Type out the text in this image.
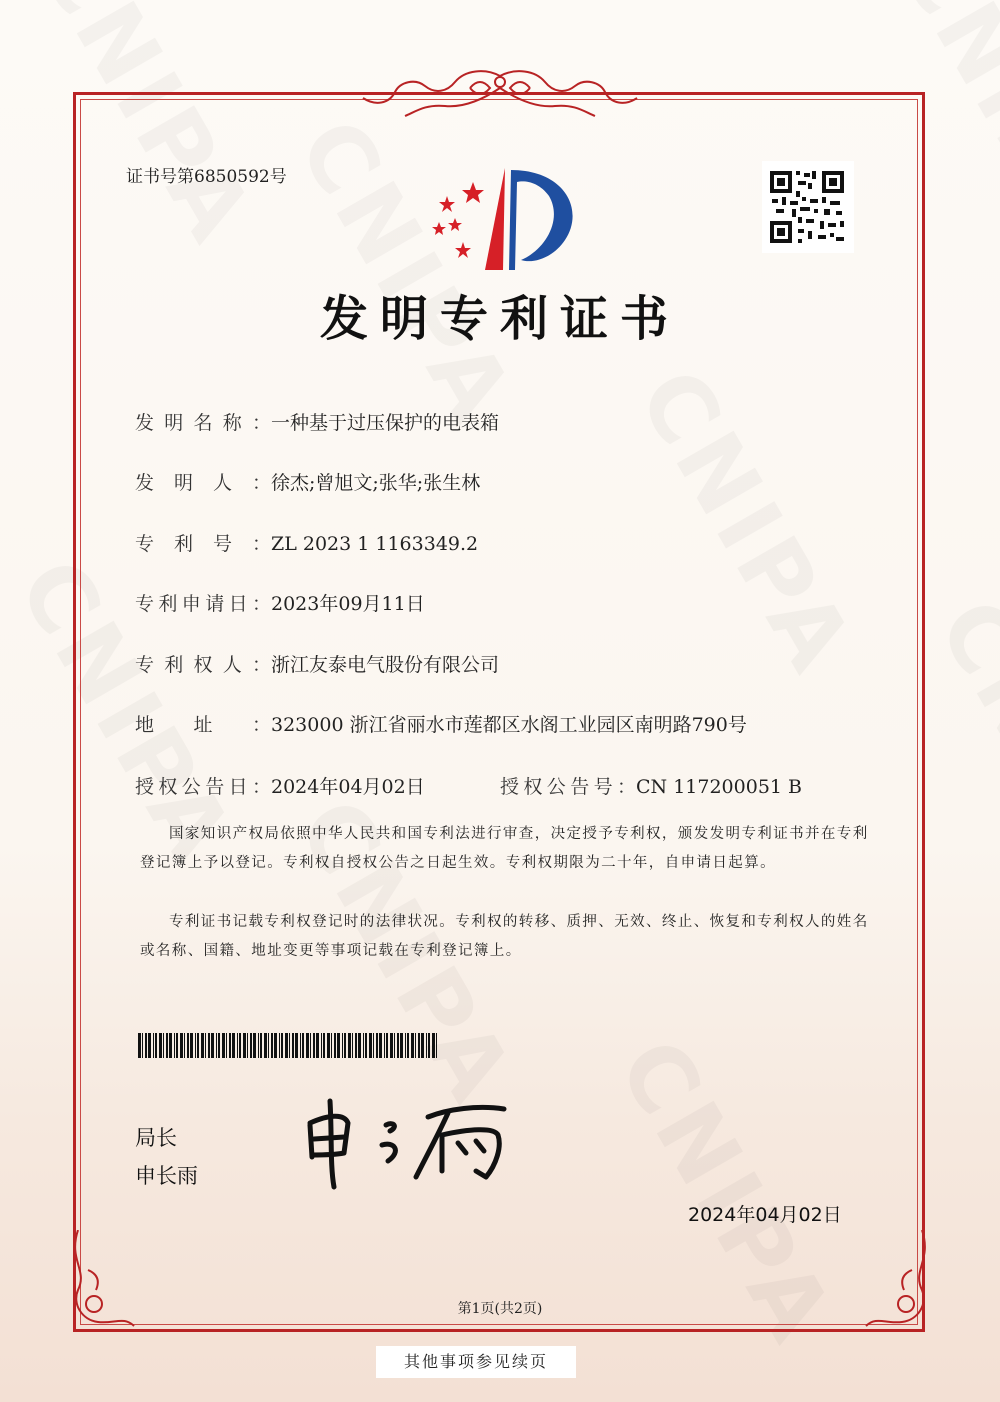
证书号第6850592号
发明专利证书
发明名称：一种基于过压保护的电表箱
发明人：徐杰;曾旭文;张华;张生林
专利号：ZL 2023 1 1163349.2
专利申请日：2023年09月11日
专利权人：浙江友泰电气股份有限公司
地址：323000 浙江省丽水市莲都区水阁工业园区南明路790号
授权公告日：2024年04月02日	授权公告号：CN 117200051 B
国家知识产权局依照中华人民共和国专利法进行审查，决定授予专利权，颁发发明专利证书并在专利登记簿上予以登记。专利权自授权公告之日起生效。专利权期限为二十年，自申请日起算。
专利证书记载专利权登记时的法律状况。专利权的转移、质押、无效、终止、恢复和专利权人的姓名或名称、国籍、地址变更等事项记载在专利登记簿上。
局长
申长雨
2024年04月02日
第1页(共2页)
其他事项参见续页
